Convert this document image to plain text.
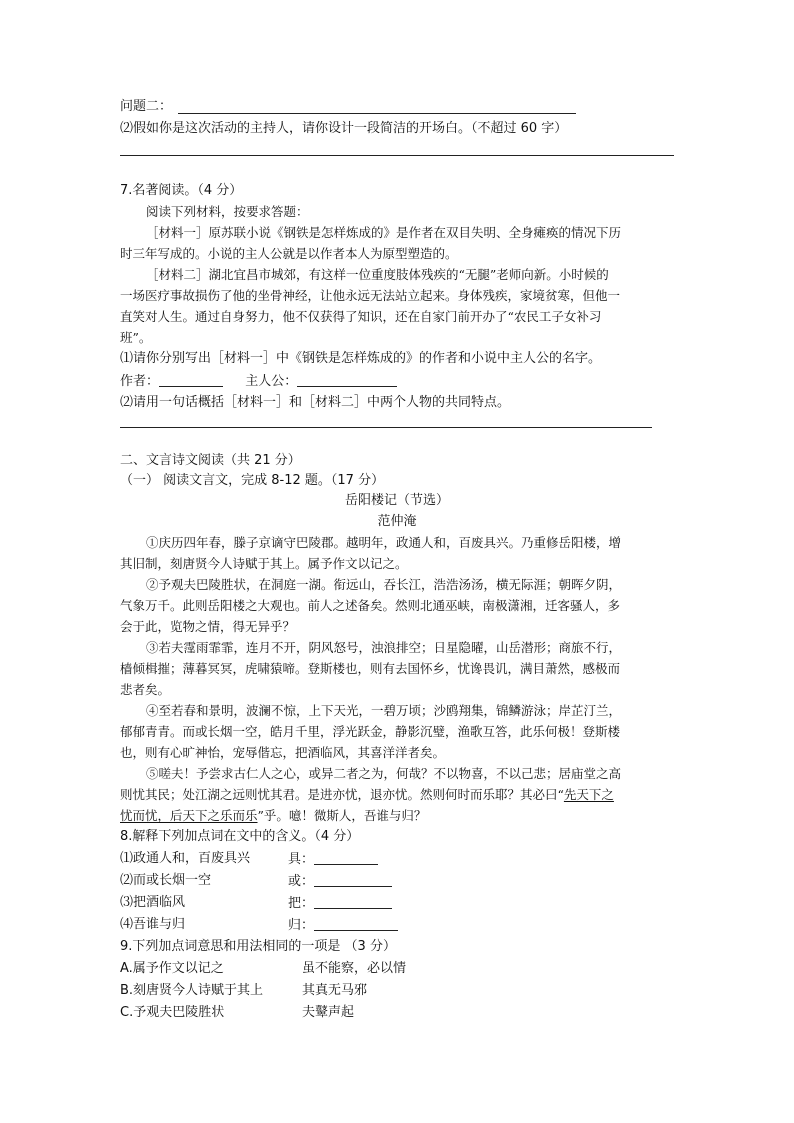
问题二：
⑵假如你是这次活动的主持人，请你设计一段简洁的开场白。（不超过 60 字）
7.名著阅读。（4 分）
阅读下列材料，按要求答题：
［材料一］原苏联小说《钢铁是怎样炼成的》是作者在双目失明、全身瘫痪的情况下历
时三年写成的。小说的主人公就是以作者本人为原型塑造的。
［材料二］湖北宜昌市城郊，有这样一位重度肢体残疾的“无腿”老师向新。小时候的
一场医疗事故损伤了他的坐骨神经，让他永远无法站立起来。身体残疾，家境贫寒，但他一
直笑对人生。通过自身努力，他不仅获得了知识，还在自家门前开办了“农民工子女补习
班”。
⑴请你分别写出［材料一］中《钢铁是怎样炼成的》的作者和小说中主人公的名字。
作者：	主人公：
⑵请用一句话概括［材料一］和［材料二］中两个人物的共同特点。
二、文言诗文阅读（共 21 分）
（一） 阅读文言文，完成 8-12 题。（17 分）
岳阳楼记（节选）
范仲淹
①庆历四年春，滕子京谪守巴陵郡。越明年，政通人和，百废具兴。乃重修岳阳楼，增
其旧制，刻唐贤今人诗赋于其上。属予作文以记之。
②予观夫巴陵胜状，在洞庭一湖。衔远山，吞长江，浩浩汤汤，横无际涯；朝晖夕阴，
气象万千。此则岳阳楼之大观也。前人之述备矣。然则北通巫峡，南极潇湘，迁客骚人，多
会于此，览物之情，得无异乎？
③若夫霪雨霏霏，连月不开，阴风怒号，浊浪排空；日星隐曜，山岳潜形；商旅不行，
樯倾楫摧；薄暮冥冥，虎啸猿啼。登斯楼也，则有去国怀乡，忧谗畏讥，满目萧然，感极而
悲者矣。
④至若春和景明，波澜不惊，上下天光，一碧万顷；沙鸥翔集，锦鳞游泳；岸芷汀兰，
郁郁青青。而或长烟一空，皓月千里，浮光跃金，静影沉璧，渔歌互答，此乐何极！登斯楼
也，则有心旷神怡，宠辱偕忘，把酒临风，其喜洋洋者矣。
⑤嗟夫！予尝求古仁人之心，或异二者之为，何哉？不以物喜，不以己悲；居庙堂之高
则忧其民；处江湖之远则忧其君。是进亦忧，退亦忧。然则何时而乐耶？其必曰“先天下之
忧而忧，后天下之乐而乐”乎。噫！微斯人，吾谁与归？
8.解释下列加点词在文中的含义。（4 分）
⑴政通人和，百废具兴	具：
⑵而或长烟一空	或：
⑶把酒临风	把：
⑷吾谁与归	归：
9.下列加点词意思和用法相同的一项是 （3 分）
A.属予作文以记之	虽不能察，必以情
B.刻唐贤今人诗赋于其上	其真无马邪
C.予观夫巴陵胜状	夫鼙声起
